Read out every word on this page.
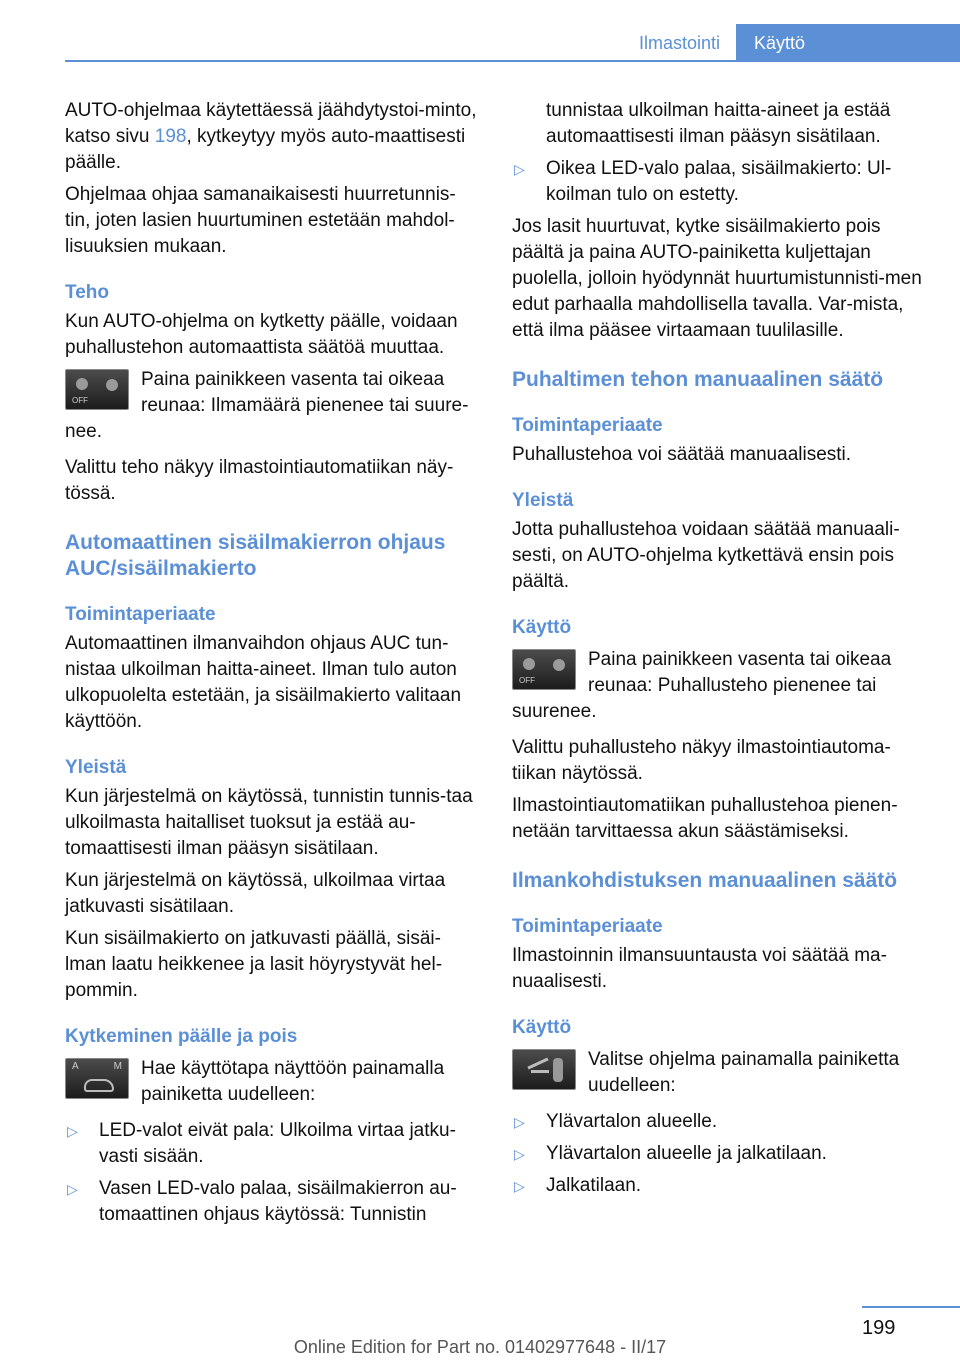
Ilmastointi	Käyttö

AUTO-ohjelmaa käytettäessä jäähdytystoi-minto, katso sivu 198, kytkeytyy myös auto-maattisesti päälle.

Ohjelmaa ohjaa samanaikaisesti huurretunnis-tin, joten lasien huurtuminen estetään mahdol-lisuuksien mukaan.

Teho

Kun AUTO-ohjelma on kytketty päälle, voidaan puhallustehon automaattista säätöä muuttaa.

OFF
Paina painikkeen vasenta tai oikeaa reunaa: Ilmamäärä pienenee tai suure-nee.

Valittu teho näkyy ilmastointiautomatiikan näy-tössä.

Automaattinen sisäilmakierron ohjaus AUC/sisäilmakierto
Toimintaperiaate

Automaattinen ilmanvaihdon ohjaus AUC tun-nistaa ulkoilman haitta-aineet. Ilman tulo auton ulkopuolelta estetään, ja sisäilmakierto valitaan käyttöön.

Yleistä

Kun järjestelmä on käytössä, tunnistin tunnis-taa ulkoilmasta haitalliset tuoksut ja estää au-tomaattisesti ilman pääsyn sisätilaan.

Kun järjestelmä on käytössä, ulkoilmaa virtaa jatkuvasti sisätilaan.

Kun sisäilmakierto on jatkuvasti päällä, sisäi-lman laatu heikkenee ja lasit höyrystyvät hel-pommin.

Kytkeminen päälle ja pois
A	M Hae käyttötapa näyttöön painamalla painiketta uudelleen:
▷ LED-valot eivät pala: Ulkoilma virtaa jatku-vasti sisään.
▷ Vasen LED-valo palaa, sisäilmakierron au-tomaattinen ohjaus käytössä: Tunnistin
tunnistaa ulkoilman haitta-aineet ja estää automaattisesti ilman pääsyn sisätilaan.
▷ Oikea LED-valo palaa, sisäilmakierto: Ul-koilman tulo on estetty.

Jos lasit huurtuvat, kytke sisäilmakierto pois päältä ja paina AUTO-painiketta kuljettajan puolella, jolloin hyödynnät huurtumistunnisti-men edut parhaalla mahdollisella tavalla. Var-mista, että ilma pääsee virtaamaan tuulilasille.

Puhaltimen tehon manuaalinen säätö
Toimintaperiaate

Puhallustehoa voi säätää manuaalisesti.

Yleistä

Jotta puhallustehoa voidaan säätää manuaali-sesti, on AUTO-ohjelma kytkettävä ensin pois päältä.

Käyttö
OFF
Paina painikkeen vasenta tai oikeaa reunaa: Puhallusteho pienenee tai suurenee.

Valittu puhallusteho näkyy ilmastointiautoma-tiikan näytössä.

Ilmastointiautomatiikan puhallustehoa pienen-netään tarvittaessa akun säästämiseksi.

Ilmankohdistuksen manuaalinen säätö
Toimintaperiaate

Ilmastoinnin ilmansuuntausta voi säätää ma-nuaalisesti.

Käyttö
Valitse ohjelma painamalla painiketta uudelleen:
▷ Ylävartalon alueelle.
▷ Ylävartalon alueelle ja jalkatilaan.
▷ Jalkatilaan.
199
Online Edition for Part no. 01402977648 - II/17
